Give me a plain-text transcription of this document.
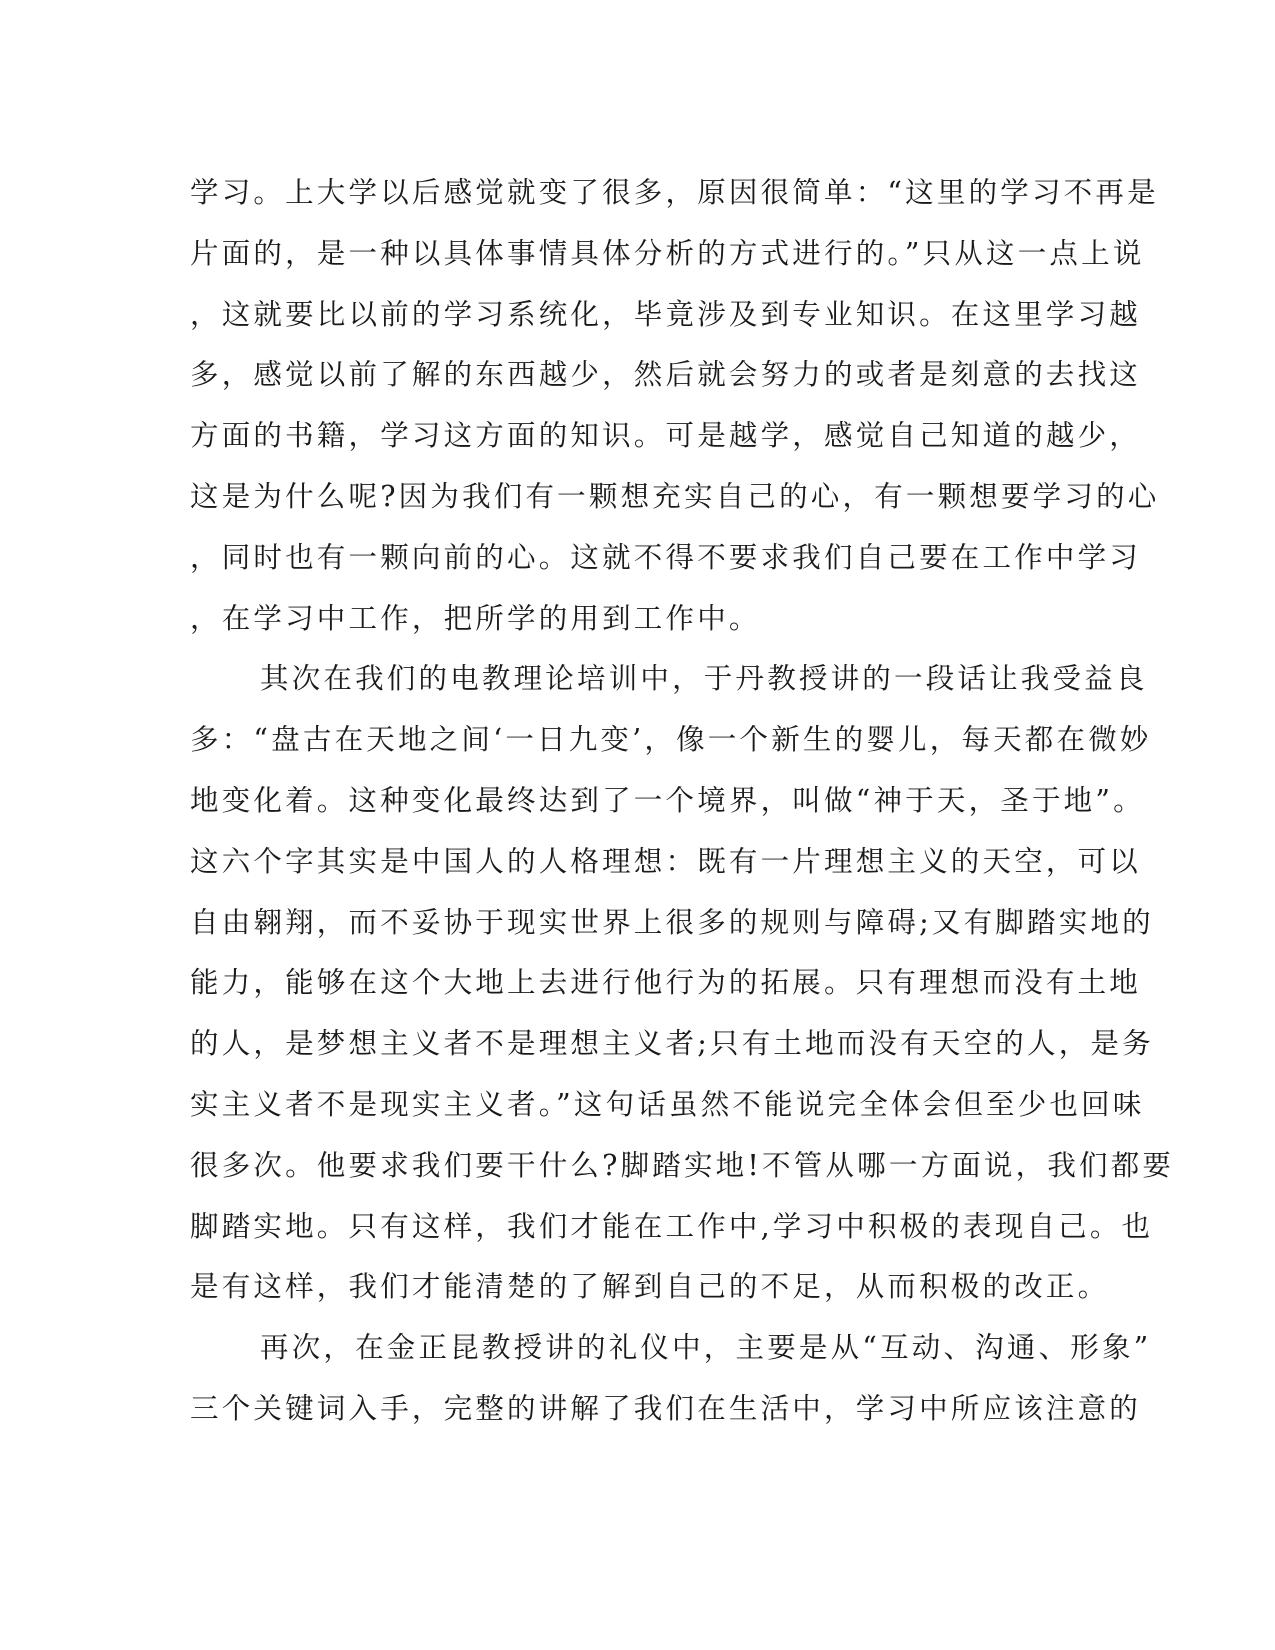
学习。上大学以后感觉就变了很多，原因很简单：“这里的学习不再是

片面的，是一种以具体事情具体分析的方式进行的。”只从这一点上说

，这就要比以前的学习系统化，毕竟涉及到专业知识。在这里学习越

多，感觉以前了解的东西越少，然后就会努力的或者是刻意的去找这

方面的书籍，学习这方面的知识。可是越学，感觉自己知道的越少，

这是为什么呢?因为我们有一颗想充实自己的心，有一颗想要学习的心

，同时也有一颗向前的心。这就不得不要求我们自己要在工作中学习

，在学习中工作，把所学的用到工作中。

其次在我们的电教理论培训中，于丹教授讲的一段话让我受益良

多：“盘古在天地之间‘一日九变’，像一个新生的婴儿，每天都在微妙

地变化着。这种变化最终达到了一个境界，叫做“神于天，圣于地”。

这六个字其实是中国人的人格理想：既有一片理想主义的天空，可以

自由翱翔，而不妥协于现实世界上很多的规则与障碍;又有脚踏实地的

能力，能够在这个大地上去进行他行为的拓展。只有理想而没有土地

的人，是梦想主义者不是理想主义者;只有土地而没有天空的人，是务

实主义者不是现实主义者。”这句话虽然不能说完全体会但至少也回味

很多次。他要求我们要干什么?脚踏实地!不管从哪一方面说，我们都要

脚踏实地。只有这样，我们才能在工作中,学习中积极的表现自己。也

是有这样，我们才能清楚的了解到自己的不足，从而积极的改正。

再次，在金正昆教授讲的礼仪中，主要是从“互动、沟通、形象”

三个关键词入手，完整的讲解了我们在生活中，学习中所应该注意的
